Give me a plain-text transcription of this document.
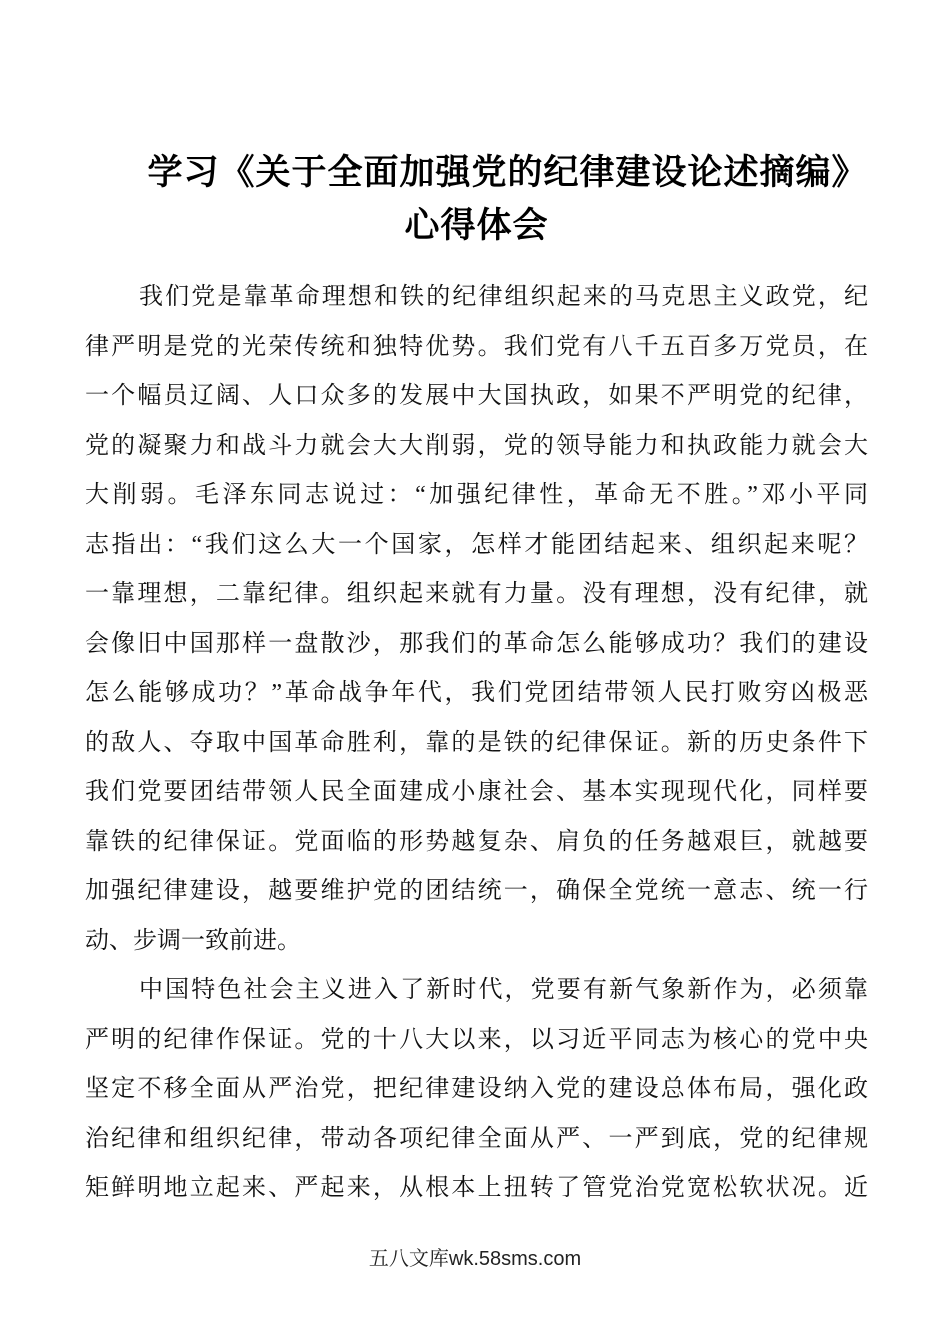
学习《关于全面加强党的纪律建设论述摘编》
心得体会
我们党是靠革命理想和铁的纪律组织起来的马克思主义政党，纪
律严明是党的光荣传统和独特优势。我们党有八千五百多万党员，在
一个幅员辽阔、人口众多的发展中大国执政，如果不严明党的纪律，
党的凝聚力和战斗力就会大大削弱，党的领导能力和执政能力就会大
大削弱。毛泽东同志说过：“加强纪律性，革命无不胜。”邓小平同
志指出：“我们这么大一个国家，怎样才能团结起来、组织起来呢？
一靠理想，二靠纪律。组织起来就有力量。没有理想，没有纪律，就
会像旧中国那样一盘散沙，那我们的革命怎么能够成功？我们的建设
怎么能够成功？”革命战争年代，我们党团结带领人民打败穷凶极恶
的敌人、夺取中国革命胜利，靠的是铁的纪律保证。新的历史条件下
我们党要团结带领人民全面建成小康社会、基本实现现代化，同样要
靠铁的纪律保证。党面临的形势越复杂、肩负的任务越艰巨，就越要
加强纪律建设，越要维护党的团结统一，确保全党统一意志、统一行
动、步调一致前进。
中国特色社会主义进入了新时代，党要有新气象新作为，必须靠
严明的纪律作保证。党的十八大以来，以习近平同志为核心的党中央
坚定不移全面从严治党，把纪律建设纳入党的建设总体布局，强化政
治纪律和组织纪律，带动各项纪律全面从严、一严到底，党的纪律规
矩鲜明地立起来、严起来，从根本上扭转了管党治党宽松软状况。近
五八文库wk.58sms.com
